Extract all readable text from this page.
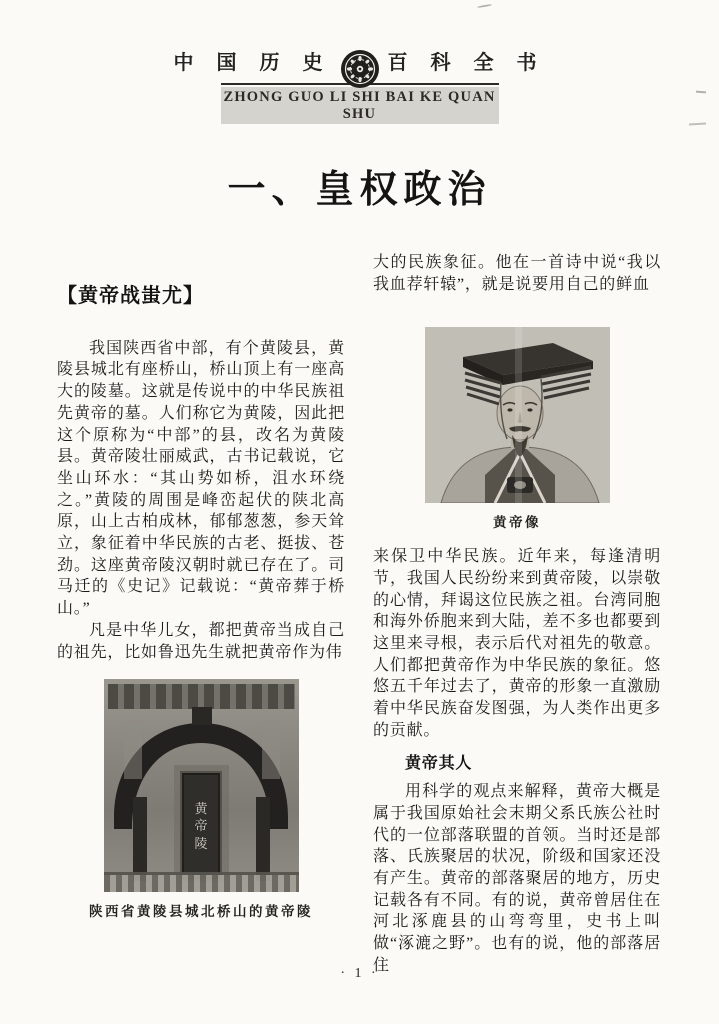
中 国 历 史	百 科 全 书
ZHONG GUO LI SHI BAI KE QUAN SHU
一、皇权政治
【黄帝战蚩尤】

我国陕西省中部，有个黄陵县，黄陵县城北有座桥山，桥山顶上有一座高大的陵墓。这就是传说中的中华民族祖先黄帝的墓。人们称它为黄陵，因此把这个原称为“中部”的县，改名为黄陵县。黄帝陵壮丽威武，古书记载说，它坐山环水：“其山势如桥，沮水环绕之。”黄陵的周围是峰峦起伏的陕北高原，山上古柏成林，郁郁葱葱，参天耸立，象征着中华民族的古老、挺拔、苍劲。这座黄帝陵汉朝时就已存在了。司马迁的《史记》记载说：“黄帝葬于桥山。”

凡是中华儿女，都把黄帝当成自己的祖先，比如鲁迅先生就把黄帝作为伟

黄
帝
陵
陕西省黄陵县城北桥山的黄帝陵

大的民族象征。他在一首诗中说“我以我血荐轩辕”，就是说要用自己的鲜血

黄帝像

来保卫中华民族。近年来，每逢清明节，我国人民纷纷来到黄帝陵，以崇敬的心情，拜谒这位民族之祖。台湾同胞和海外侨胞来到大陆，差不多也都要到这里来寻根，表示后代对祖先的敬意。人们都把黄帝作为中华民族的象征。悠悠五千年过去了，黄帝的形象一直激励着中华民族奋发图强，为人类作出更多的贡献。

黄帝其人

用科学的观点来解释，黄帝大概是属于我国原始社会末期父系氏族公社时代的一位部落联盟的首领。当时还是部落、氏族聚居的状况，阶级和国家还没有产生。黄帝的部落聚居的地方，历史记载各有不同。有的说，黄帝曾居住在河北涿鹿县的山弯弯里，史书上叫做“涿漉之野”。也有的说，他的部落居住

· 1 ·
